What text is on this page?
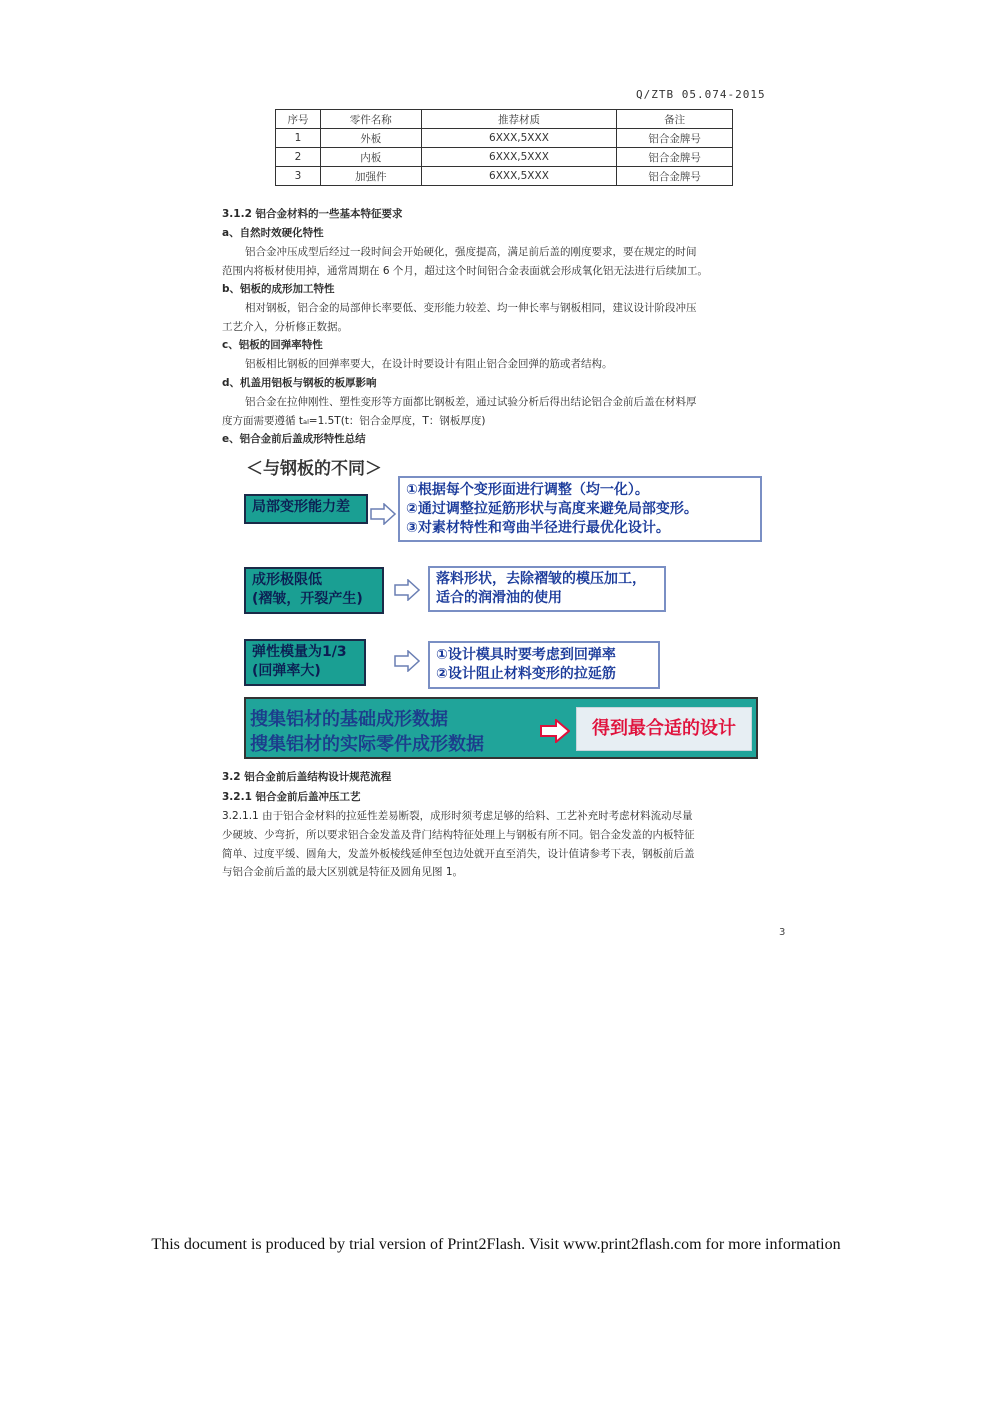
Q/ZTB 05.074-2015
序号	零件名称	推荐材质	备注
1	外板	6XXX,5XXX	铝合金牌号
2	内板	6XXX,5XXX	铝合金牌号
3	加强件	6XXX,5XXX	铝合金牌号
3.1.2 铝合金材料的一些基本特征要求
a、自然时效硬化特性
铝合金冲压成型后经过一段时间会开始硬化，强度提高，满足前后盖的刚度要求，要在规定的时间
范围内将板材使用掉，通常周期在 6 个月，超过这个时间铝合金表面就会形成氧化铝无法进行后续加工。
b、铝板的成形加工特性
相对钢板，铝合金的局部伸长率要低、变形能力较差、均一伸长率与钢板相同，建议设计阶段冲压
工艺介入，分析修正数据。
c、铝板的回弹率特性
铝板相比钢板的回弹率要大，在设计时要设计有阻止铝合金回弹的筋或者结构。
d、机盖用铝板与钢板的板厚影响
铝合金在拉伸刚性、塑性变形等方面都比钢板差，通过试验分析后得出结论铝合金前后盖在材料厚
度方面需要遵循 tₐₗ=1.5T(t：铝合金厚度，T：钢板厚度)
e、铝合金前后盖成形特性总结
＜与钢板的不同＞
局部变形能力差
①根据每个变形面进行调整（均一化）。
②通过调整拉延筋形状与高度来避免局部变形。
③对素材特性和弯曲半径进行最优化设计。
成形极限低
(褶皱，开裂产生)
落料形状，去除褶皱的模压加工，
适合的润滑油的使用
弹性模量为1/3
(回弹率大)
①设计模具时要考虑到回弹率
②设计阻止材料变形的拉延筋
搜集铝材的基础成形数据
搜集铝材的实际零件成形数据
得到最合适的设计
3.2 铝合金前后盖结构设计规范流程
3.2.1 铝合金前后盖冲压工艺
3.2.1.1 由于铝合金材料的拉延性差易断裂，成形时须考虑足够的给料、工艺补充时考虑材料流动尽量
少硬坡、少弯折，所以要求铝合金发盖及背门结构特征处理上与钢板有所不同。铝合金发盖的内板特征
简单、过度平缓、圆角大，发盖外板棱线延伸至包边处就开直至消失，设计值请参考下表，钢板前后盖
与铝合金前后盖的最大区别就是特征及圆角见图 1。
3
This document is produced by trial version of Print2Flash. Visit www.print2flash.com for more information
